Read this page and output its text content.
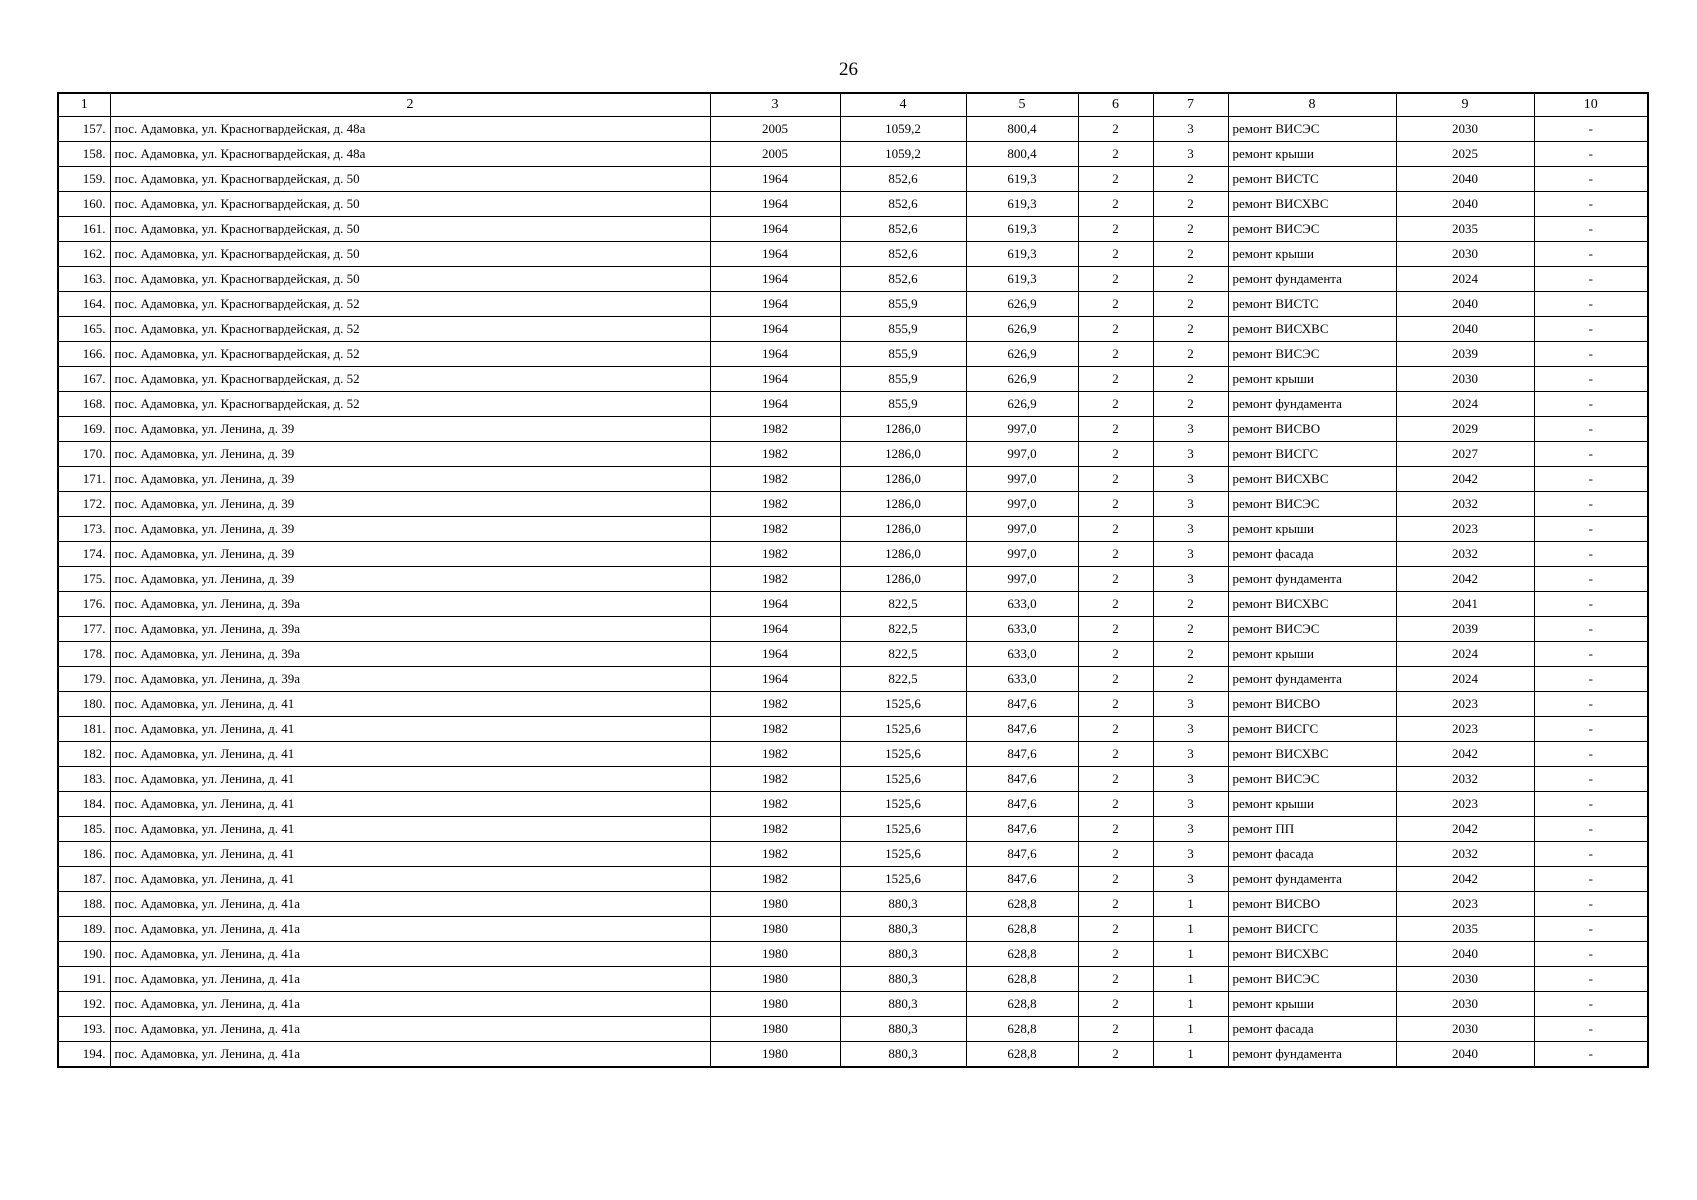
26
1	2	3	4	5	6	7	8	9	10
157.	пос. Адамовка, ул. Красногвардейская, д. 48а	2005	1059,2	800,4	2	3	ремонт ВИСЭС	2030	-
158.	пос. Адамовка, ул. Красногвардейская, д. 48а	2005	1059,2	800,4	2	3	ремонт крыши	2025	-
159.	пос. Адамовка, ул. Красногвардейская, д. 50	1964	852,6	619,3	2	2	ремонт ВИСТС	2040	-
160.	пос. Адамовка, ул. Красногвардейская, д. 50	1964	852,6	619,3	2	2	ремонт ВИСХВС	2040	-
161.	пос. Адамовка, ул. Красногвардейская, д. 50	1964	852,6	619,3	2	2	ремонт ВИСЭС	2035	-
162.	пос. Адамовка, ул. Красногвардейская, д. 50	1964	852,6	619,3	2	2	ремонт крыши	2030	-
163.	пос. Адамовка, ул. Красногвардейская, д. 50	1964	852,6	619,3	2	2	ремонт фундамента	2024	-
164.	пос. Адамовка, ул. Красногвардейская, д. 52	1964	855,9	626,9	2	2	ремонт ВИСТС	2040	-
165.	пос. Адамовка, ул. Красногвардейская, д. 52	1964	855,9	626,9	2	2	ремонт ВИСХВС	2040	-
166.	пос. Адамовка, ул. Красногвардейская, д. 52	1964	855,9	626,9	2	2	ремонт ВИСЭС	2039	-
167.	пос. Адамовка, ул. Красногвардейская, д. 52	1964	855,9	626,9	2	2	ремонт крыши	2030	-
168.	пос. Адамовка, ул. Красногвардейская, д. 52	1964	855,9	626,9	2	2	ремонт фундамента	2024	-
169.	пос. Адамовка, ул. Ленина, д. 39	1982	1286,0	997,0	2	3	ремонт ВИСВО	2029	-
170.	пос. Адамовка, ул. Ленина, д. 39	1982	1286,0	997,0	2	3	ремонт ВИСГС	2027	-
171.	пос. Адамовка, ул. Ленина, д. 39	1982	1286,0	997,0	2	3	ремонт ВИСХВС	2042	-
172.	пос. Адамовка, ул. Ленина, д. 39	1982	1286,0	997,0	2	3	ремонт ВИСЭС	2032	-
173.	пос. Адамовка, ул. Ленина, д. 39	1982	1286,0	997,0	2	3	ремонт крыши	2023	-
174.	пос. Адамовка, ул. Ленина, д. 39	1982	1286,0	997,0	2	3	ремонт фасада	2032	-
175.	пос. Адамовка, ул. Ленина, д. 39	1982	1286,0	997,0	2	3	ремонт фундамента	2042	-
176.	пос. Адамовка, ул. Ленина, д. 39а	1964	822,5	633,0	2	2	ремонт ВИСХВС	2041	-
177.	пос. Адамовка, ул. Ленина, д. 39а	1964	822,5	633,0	2	2	ремонт ВИСЭС	2039	-
178.	пос. Адамовка, ул. Ленина, д. 39а	1964	822,5	633,0	2	2	ремонт крыши	2024	-
179.	пос. Адамовка, ул. Ленина, д. 39а	1964	822,5	633,0	2	2	ремонт фундамента	2024	-
180.	пос. Адамовка, ул. Ленина, д. 41	1982	1525,6	847,6	2	3	ремонт ВИСВО	2023	-
181.	пос. Адамовка, ул. Ленина, д. 41	1982	1525,6	847,6	2	3	ремонт ВИСГС	2023	-
182.	пос. Адамовка, ул. Ленина, д. 41	1982	1525,6	847,6	2	3	ремонт ВИСХВС	2042	-
183.	пос. Адамовка, ул. Ленина, д. 41	1982	1525,6	847,6	2	3	ремонт ВИСЭС	2032	-
184.	пос. Адамовка, ул. Ленина, д. 41	1982	1525,6	847,6	2	3	ремонт крыши	2023	-
185.	пос. Адамовка, ул. Ленина, д. 41	1982	1525,6	847,6	2	3	ремонт ПП	2042	-
186.	пос. Адамовка, ул. Ленина, д. 41	1982	1525,6	847,6	2	3	ремонт фасада	2032	-
187.	пос. Адамовка, ул. Ленина, д. 41	1982	1525,6	847,6	2	3	ремонт фундамента	2042	-
188.	пос. Адамовка, ул. Ленина, д. 41а	1980	880,3	628,8	2	1	ремонт ВИСВО	2023	-
189.	пос. Адамовка, ул. Ленина, д. 41а	1980	880,3	628,8	2	1	ремонт ВИСГС	2035	-
190.	пос. Адамовка, ул. Ленина, д. 41а	1980	880,3	628,8	2	1	ремонт ВИСХВС	2040	-
191.	пос. Адамовка, ул. Ленина, д. 41а	1980	880,3	628,8	2	1	ремонт ВИСЭС	2030	-
192.	пос. Адамовка, ул. Ленина, д. 41а	1980	880,3	628,8	2	1	ремонт крыши	2030	-
193.	пос. Адамовка, ул. Ленина, д. 41а	1980	880,3	628,8	2	1	ремонт фасада	2030	-
194.	пос. Адамовка, ул. Ленина, д. 41а	1980	880,3	628,8	2	1	ремонт фундамента	2040	-
